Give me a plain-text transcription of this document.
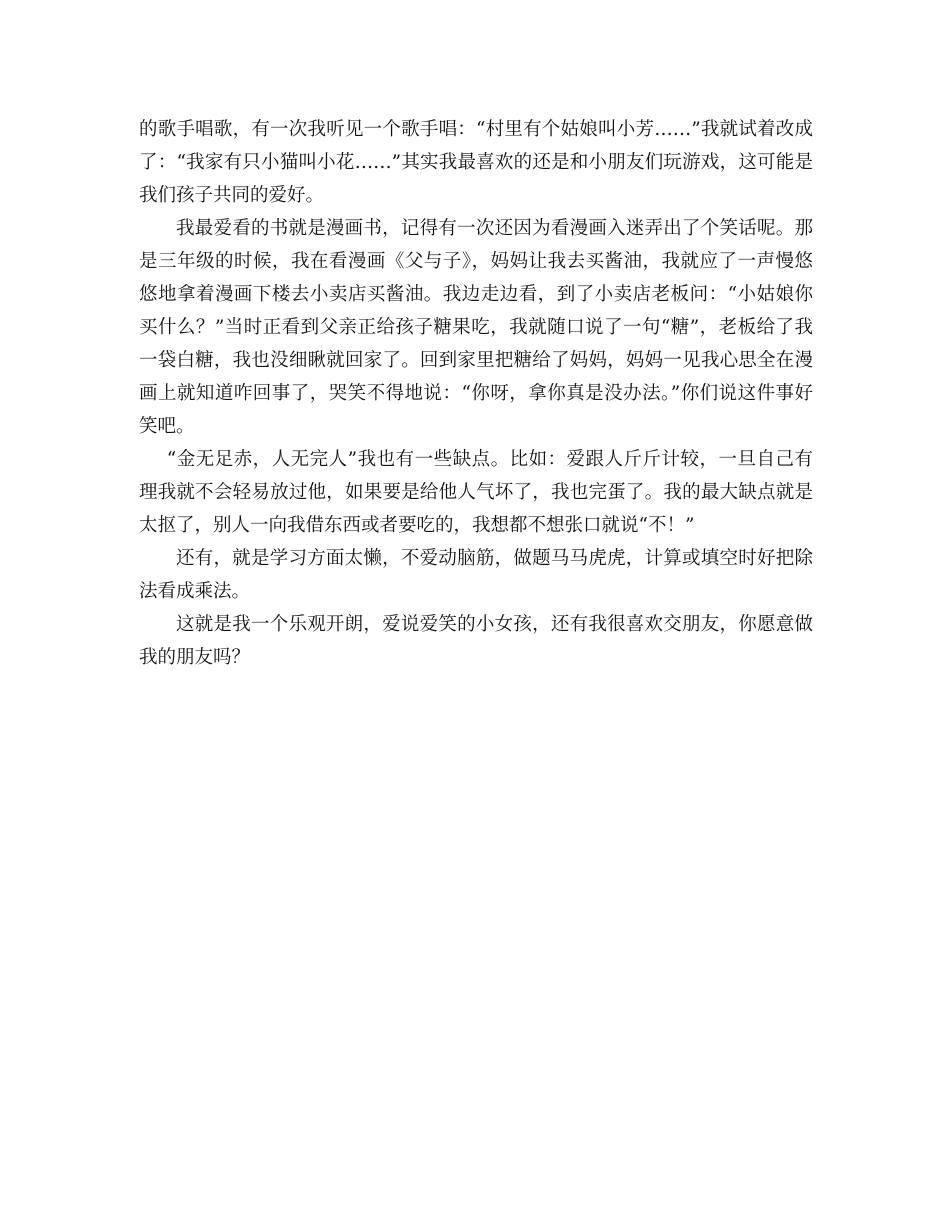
的歌手唱歌，有一次我听见一个歌手唱：“村里有个姑娘叫小芳……”我就试着改成了：“我家有只小猫叫小花……”其实我最喜欢的还是和小朋友们玩游戏，这可能是我们孩子共同的爱好。

我最爱看的书就是漫画书，记得有一次还因为看漫画入迷弄出了个笑话呢。那是三年级的时候，我在看漫画《父与子》，妈妈让我去买酱油，我就应了一声慢悠悠地拿着漫画下楼去小卖店买酱油。我边走边看，到了小卖店老板问：“小姑娘你买什么？”当时正看到父亲正给孩子糖果吃，我就随口说了一句“糖”，老板给了我一袋白糖，我也没细瞅就回家了。回到家里把糖给了妈妈，妈妈一见我心思全在漫画上就知道咋回事了，哭笑不得地说：“你呀，拿你真是没办法。”你们说这件事好笑吧。

“金无足赤，人无完人”我也有一些缺点。比如：爱跟人斤斤计较，一旦自己有理我就不会轻易放过他，如果要是给他人气坏了，我也完蛋了。我的最大缺点就是太抠了，别人一向我借东西或者要吃的，我想都不想张口就说“不！”

还有，就是学习方面太懒，不爱动脑筋，做题马马虎虎，计算或填空时好把除法看成乘法。

这就是我一个乐观开朗，爱说爱笑的小女孩，还有我很喜欢交朋友，你愿意做我的朋友吗？
